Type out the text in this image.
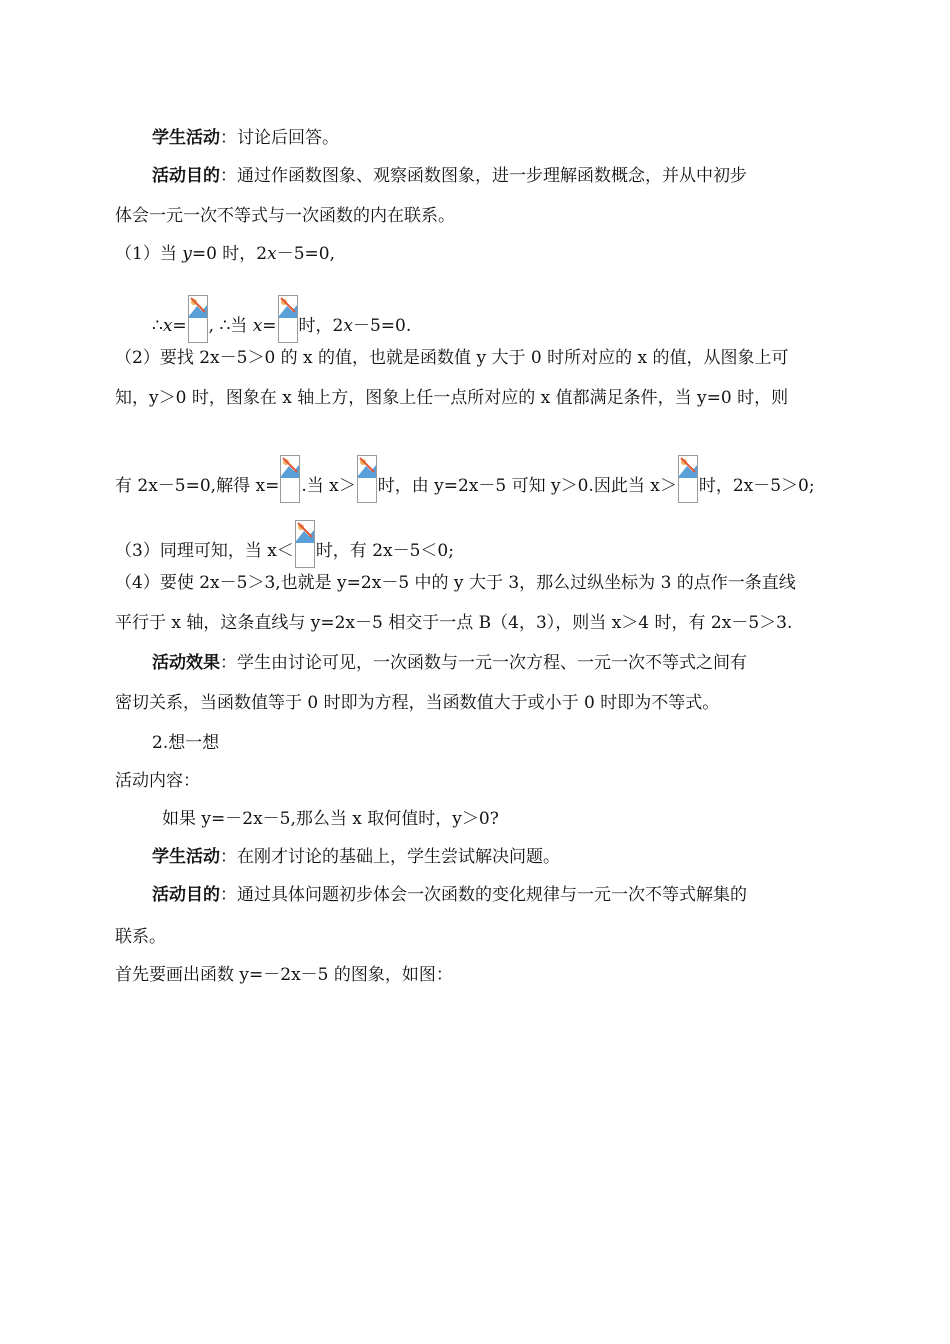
学生活动：讨论后回答。
活动目的：通过作函数图象、观察函数图象，进一步理解函数概念，并从中初步
体会一元一次不等式与一次函数的内在联系。
（1）当 y=0 时，2x－5=0,
∴x= , ∴当 x= 时，2x－5=0.
（2）要找 2x－5＞0 的 x 的值，也就是函数值 y 大于 0 时所对应的 x 的值，从图象上可
知，y＞0 时，图象在 x 轴上方，图象上任一点所对应的 x 值都满足条件，当 y=0 时，则
有 2x－5=0,解得 x= .当 x＞ 时，由 y=2x－5 可知 y＞0.因此当 x＞ 时，2x－5＞0;
（3）同理可知，当 x＜ 时，有 2x－5＜0;
（4）要使 2x－5＞3,也就是 y=2x－5 中的 y 大于 3，那么过纵坐标为 3 的点作一条直线
平行于 x 轴，这条直线与 y=2x－5 相交于一点 B（4，3），则当 x＞4 时，有 2x－5＞3.
活动效果：学生由讨论可见，一次函数与一元一次方程、一元一次不等式之间有
密切关系，当函数值等于 0 时即为方程，当函数值大于或小于 0 时即为不等式。
2.想一想
活动内容：
如果 y=－2x－5,那么当 x 取何值时，y＞0?
学生活动：在刚才讨论的基础上，学生尝试解决问题。
活动目的：通过具体问题初步体会一次函数的变化规律与一元一次不等式解集的
联系。
首先要画出函数 y=－2x－5 的图象，如图：
